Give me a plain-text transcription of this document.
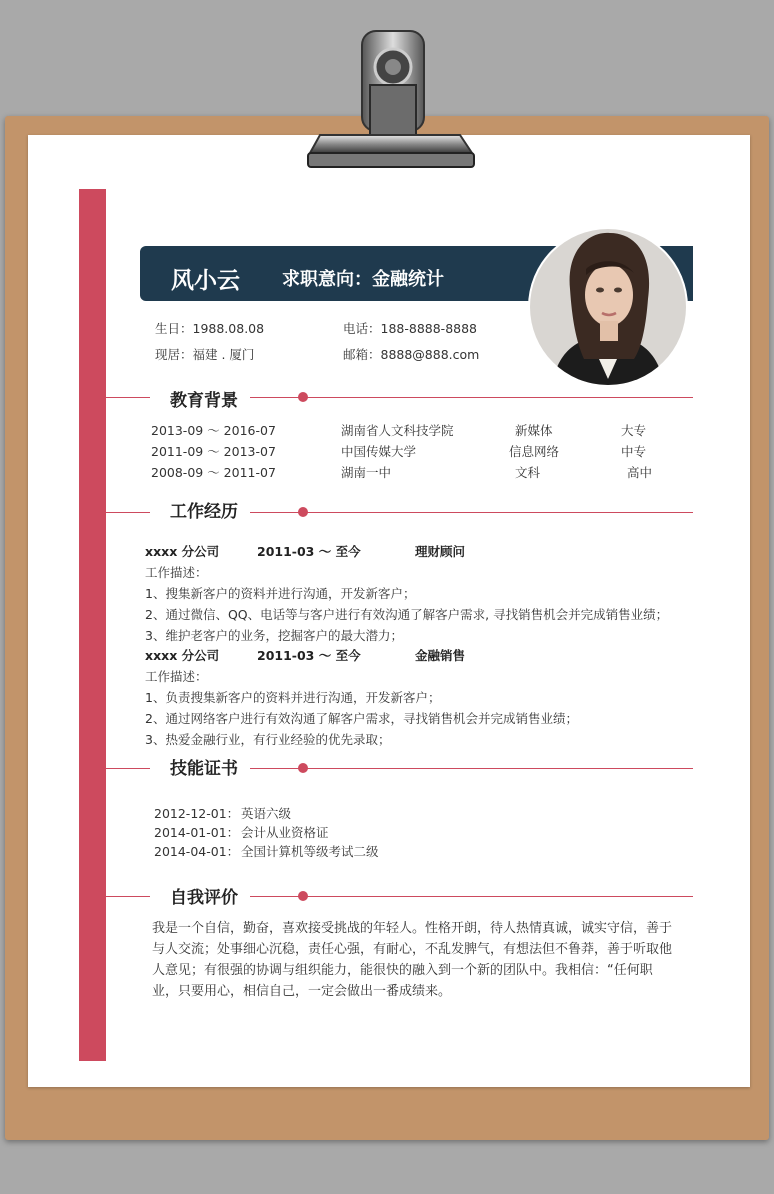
风小云 求职意向：金融统计
生日：1988.08.08	电话：188-8888-8888
现居：福建 . 厦门	邮箱：8888@888.com
教育背景
2013-09 ～ 2016-07	湖南省人文科技学院	新媒体	大专
2011-09 ～ 2013-07	中国传媒大学	信息网络	中专
2008-09 ～ 2011-07	湖南一中	文科	高中
工作经历
xxxx 分公司	2011-03 ～ 至今	理财顾问
工作描述：
1、搜集新客户的资料并进行沟通，开发新客户；
2、通过微信、QQ、电话等与客户进行有效沟通了解客户需求, 寻找销售机会并完成销售业绩；
3、维护老客户的业务，挖掘客户的最大潜力；
xxxx 分公司	2011-03 ～ 至今	金融销售
工作描述：
1、负责搜集新客户的资料并进行沟通，开发新客户；
2、通过网络客户进行有效沟通了解客户需求，寻找销售机会并完成销售业绩；
3、热爱金融行业，有行业经验的优先录取；
技能证书
2012-12-01： 英语六级
2014-01-01： 会计从业资格证
2014-04-01： 全国计算机等级考试二级
自我评价
我是一个自信，勤奋，喜欢接受挑战的年轻人。性格开朗，待人热情真诚，诚实守信，善于与人交流；处事细心沉稳，责任心强，有耐心，不乱发脾气，有想法但不鲁莽，善于听取他人意见；有很强的协调与组织能力，能很快的融入到一个新的团队中。我相信：“任何职业，只要用心，相信自己，一定会做出一番成绩来。
